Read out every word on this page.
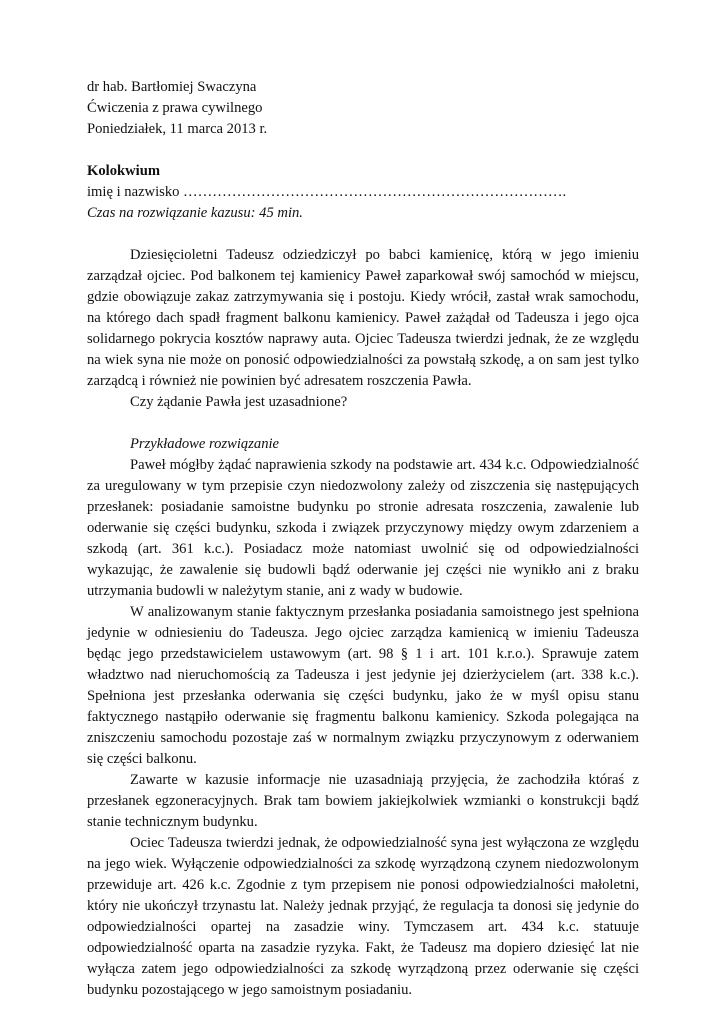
dr hab. Bartłomiej Swaczyna
Ćwiczenia z prawa cywilnego
Poniedziałek, 11 marca 2013 r.
Kolokwium
imię i nazwisko …………………………………………………………………….
Czas na rozwiązanie kazusu: 45 min.

Dziesięcioletni Tadeusz odziedziczył po babci kamienicę, którą w jego imieniu zarządzał ojciec. Pod balkonem tej kamienicy Paweł zaparkował swój samochód w miejscu, gdzie obowiązuje zakaz zatrzymywania się i postoju. Kiedy wrócił, zastał wrak samochodu, na którego dach spadł fragment balkonu kamienicy. Paweł zażądał od Tadeusza i jego ojca solidarnego pokrycia kosztów naprawy auta. Ojciec Tadeusza twierdzi jednak, że ze względu na wiek syna nie może on ponosić odpowiedzialności za powstałą szkodę, a on sam jest tylko zarządcą i również nie powinien być adresatem roszczenia Pawła.

Czy żądanie Pawła jest uzasadnione?

Przykładowe rozwiązanie

Paweł mógłby żądać naprawienia szkody na podstawie art. 434 k.c. Odpowiedzialność za uregulowany w tym przepisie czyn niedozwolony zależy od ziszczenia się następujących przesłanek: posiadanie samoistne budynku po stronie adresata roszczenia, zawalenie lub oderwanie się części budynku, szkoda i związek przyczynowy między owym zdarzeniem a szkodą (art. 361 k.c.). Posiadacz może natomiast uwolnić się od odpowiedzialności wykazując, że zawalenie się budowli bądź oderwanie jej części nie wynikło ani z braku utrzymania budowli w należytym stanie, ani z wady w budowie.

W analizowanym stanie faktycznym przesłanka posiadania samoistnego jest spełniona jedynie w odniesieniu do Tadeusza. Jego ojciec zarządza kamienicą w imieniu Tadeusza będąc jego przedstawicielem ustawowym (art. 98 § 1 i art. 101 k.r.o.). Sprawuje zatem władztwo nad nieruchomością za Tadeusza i jest jedynie jej dzierżycielem (art. 338 k.c.). Spełniona jest przesłanka oderwania się części budynku, jako że w myśl opisu stanu faktycznego nastąpiło oderwanie się fragmentu balkonu kamienicy. Szkoda polegająca na zniszczeniu samochodu pozostaje zaś w normalnym związku przyczynowym z oderwaniem się części balkonu.

Zawarte w kazusie informacje nie uzasadniają przyjęcia, że zachodziła któraś z przesłanek egzoneracyjnych. Brak tam bowiem jakiejkolwiek wzmianki o konstrukcji bądź stanie technicznym budynku.

Ociec Tadeusza twierdzi jednak, że odpowiedzialność syna jest wyłączona ze względu na jego wiek. Wyłączenie odpowiedzialności za szkodę wyrządzoną czynem niedozwolonym przewiduje art. 426 k.c. Zgodnie z tym przepisem nie ponosi odpowiedzialności małoletni, który nie ukończył trzynastu lat. Należy jednak przyjąć, że regulacja ta donosi się jedynie do odpowiedzialności opartej na zasadzie winy. Tymczasem art. 434 k.c. statuuje odpowiedzialność oparta na zasadzie ryzyka. Fakt, że Tadeusz ma dopiero dziesięć lat nie wyłącza zatem jego odpowiedzialności za szkodę wyrządzoną przez oderwanie się części budynku pozostającego w jego samoistnym posiadaniu.
